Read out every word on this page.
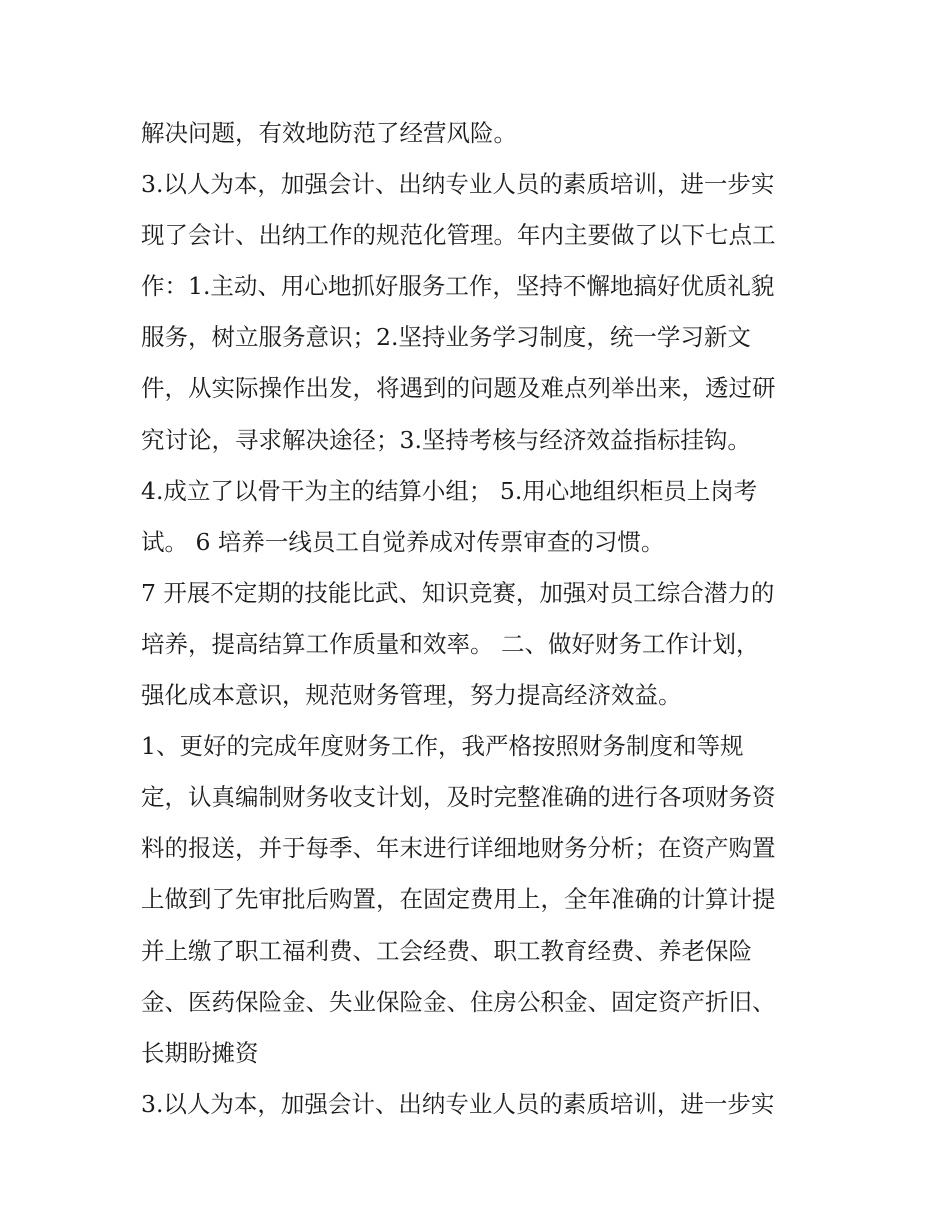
解决问题，有效地防范了经营风险。
3.以人为本，加强会计、出纳专业人员的素质培训，进一步实
现了会计、出纳工作的规范化管理。年内主要做了以下七点工
作：1.主动、用心地抓好服务工作，坚持不懈地搞好优质礼貌
服务，树立服务意识；2.坚持业务学习制度，统一学习新文
件，从实际操作出发，将遇到的问题及难点列举出来，透过研
究讨论，寻求解决途径；3.坚持考核与经济效益指标挂钩。
4.成立了以骨干为主的结算小组； 5.用心地组织柜员上岗考
试。 6 培养一线员工自觉养成对传票审查的习惯。
7 开展不定期的技能比武、知识竞赛，加强对员工综合潜力的
培养，提高结算工作质量和效率。 二、做好财务工作计划，
强化成本意识，规范财务管理，努力提高经济效益。
1、更好的完成年度财务工作，我严格按照财务制度和等规
定，认真编制财务收支计划，及时完整准确的进行各项财务资
料的报送，并于每季、年末进行详细地财务分析；在资产购置
上做到了先审批后购置，在固定费用上，全年准确的计算计提
并上缴了职工福利费、工会经费、职工教育经费、养老保险
金、医药保险金、失业保险金、住房公积金、固定资产折旧、
长期盼摊资
3.以人为本，加强会计、出纳专业人员的素质培训，进一步实
